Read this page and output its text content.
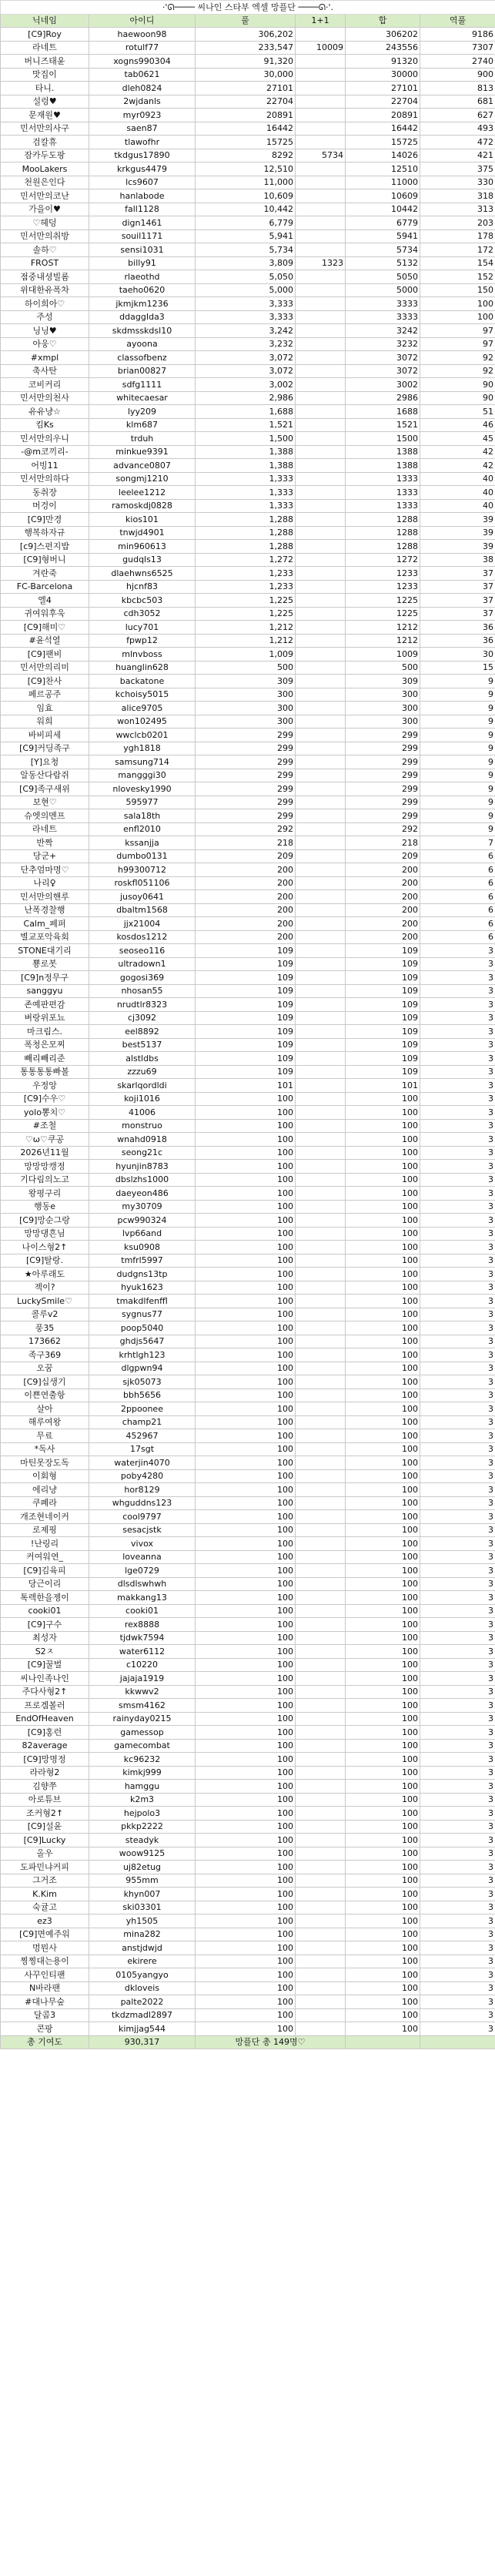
·'ᘏ──── 씨나인 스타부 엑셀 망플단 ────ᘏ·'.					
닉네임	아이디	풀	1+1	합	역풀
[C9]Roy	haewoon98	306,202		306202	9186
라네트	rotulf77	233,547	10009	243556	7307
버니즈태윤	xogns990304	91,320		91320	2740
맛집이	tab0621	30,000		30000	900
타니.	dleh0824	27101		27101	813
설렁♥	2wjdanls	22704		22704	681
문재원♥	myr0923	20891		20891	627
민서만의사구	saen87	16442		16442	493
검칼휴	tlawofhr	15725		15725	472
잠카두도팡	tkdgus17890	8292	5734	14026	421
MooLakers	krkgus4479	12,510		12510	375
천원은인다	lcs9607	11,000		11000	330
민서만의코난	hanlabode	10,609		10609	318
가을이♥	fall1128	10,442		10442	313
♡헤덩	dign1461	6,779		6779	203
민서만의취방	souil1171	5,941		5941	178
솔하♡	sensi1031	5,734		5734	172
FROST	billy91	3,809	1323	5132	154
점중내셩빌롬	rlaeothd	5,050		5050	152
위대한유폭차	taeho0620	5,000		5000	150
하이희아♡	jkmjkm1236	3,333		3333	100
주성	ddaggIda3	3,333		3333	100
닝닝♥	skdmsskdsl10	3,242		3242	97
아웅♡	ayoona	3,232		3232	97
#xmpl	classofbenz	3,072		3072	92
축사탄	brian00827	3,072		3072	92
코비커리	sdfg1111	3,002		3002	90
민서만의천사	whitecaesar	2,986		2986	90
유유냥☆	lyy209	1,688		1688	51
킴Ks	klm687	1,521		1521	46
민서만의우니	trduh	1,500		1500	45
-@m코끼리-	minkue9391	1,388		1388	42
어빙11	advance0807	1,388		1388	42
민서만의하다	songmj1210	1,333		1333	40
동취장	leelee1212	1,333		1333	40
머겅이	ramoskdj0828	1,333		1333	40
[C9]만경	kios101	1,288		1288	39
행복하자규	tnwjd4901	1,288		1288	39
[c9]스펀지밥	min960613	1,288		1288	39
[C9]형버니	gudqls13	1,272		1272	38
겨란죽	dlaehwns6525	1,233		1233	37
FC-Barcelona	hjcnf83	1,233		1233	37
엘4	kbcbc503	1,225		1225	37
귀여워후욱	cdh3052	1,225		1225	37
[C9]해미♡	lucy701	1,212		1212	36
#윤석열	fpwp12	1,212		1212	36
[C9]팬비	mlnvboss	1,009		1009	30
민서만의리미	huanglin628	500		500	15
[C9]찬사	backatone	309		309	9
페르공주	kchoisy5015	300		300	9
임효	alice9705	300		300	9
워희	won102495	300		300	9
바비피세	wwclcb0201	299		299	9
[C9]커딩족구	ygh1818	299		299	9
[Y]요청	samsung714	299		299	9
알동산다람쥐	mangggi30	299		299	9
[C9]족구새위	nlovesky1990	299		299	9
보현♡	595977	299		299	9
슈엣의멘프	sala18th	299		299	9
라네트	enfl2010	292		292	9
반짝	kssanjja	218		218	7
당군+	dumbo0131	209		209	6
단추엄마명♡	h99300712	200		200	6
나리♀	roskfl051106	200		200	6
민서만의핸루	jusoy0641	200		200	6
난폭경찰행	dbaltm1568	200		200	6
Calm_페퍼	jjx21004	200		200	6
별교포악육회	kosdos1212	200		200	6
STONE대기리	seoseo116	109		109	3
뿅로봇	ultradown1	109		109	3
[C9]n정무구	gogosi369	109		109	3
sanggyu	nhosan55	109		109	3
존예판편감	nrudtlr8323	109		109	3
벼랑위포뇨	cj3092	109		109	3
마크림스.	eel8892	109		109	3
폭청은모찌	best5137	109		109	3
빼리빼리준	alstldbs	109		109	3
통통통통빠볼	zzzu69	109		109	3
우정앙	skarlqordldi	101		101	3
[C9]수우♡	koji1016	100		100	3
yolo뽕치♡	41006	100		100	3
#조철	monstruo	100		100	3
♡ω♡쿠공	wnahd0918	100		100	3
2026년11월	seong21c	100		100	3
망망망캥정	hyunjin8783	100		100	3
기다림의노고	dbslzhs1000	100		100	3
왕평구리	daeyeon486	100		100	3
행동e	my30709	100		100	3
[C9]망순그랑	pcw990324	100		100	3
망망댕흔님	lvp66and	100		100	3
나이스형2↑	ksu0908	100		100	3
[C9]탈랑.	tmfrl5997	100		100	3
★아루래도	dudgns13tp	100		100	3
젝이?	hyuk1623	100		100	3
LuckySmile♡	tmakdlfenffl	100		100	3
콜루v2	sygnus77	100		100	3
풍35	poop5040	100		100	3
173662	ghdjs5647	100		100	3
족구369	krhtlgh123	100		100	3
오꿈	dlgpwn94	100		100	3
[C9]십생기	sjk05073	100		100	3
이쁜연출항	bbh5656	100		100	3
살아	2ppoonee	100		100	3
해루여왕	champ21	100		100	3
무료	452967	100		100	3
*독사	17sgt	100		100	3
마틴못장도독	waterjin4070	100		100	3
이회형	poby4280	100		100	3
에리냥	hor8129	100		100	3
쿠폐라	whguddns123	100		100	3
개조현네이커	cool9797	100		100	3
로제핑	sesacjstk	100		100	3
!난링리	vivox	100		100	3
커여워연_	loveanna	100		100	3
[C9]김육피	lge0729	100		100	3
당근이리	dlsdlswhwh	100		100	3
톡렉한을젱이	makkang13	100		100	3
cooki01	cooki01	100		100	3
[C9]구수	rex8888	100		100	3
최성자	tjdwk7594	100		100	3
S2ㅈ	water6112	100		100	3
[C9]꿀벌	c10220	100		100	3
씨나인족나인	jajaja1919	100		100	3
주다사형2↑	kkwwv2	100		100	3
프로겜볼러	smsm4162	100		100	3
EndOfHeaven	rainyday0215	100		100	3
[C9]홍런	gamessop	100		100	3
82average	gamecombat	100		100	3
[C9]망명정	kc96232	100		100	3
라라형2	kimkj999	100		100	3
김향쭈	hamggu	100		100	3
아로튜브	k2m3	100		100	3
조커형2↑	hejpolo3	100		100	3
[C9]설윤	pkkp2222	100		100	3
[C9]Lucky	steadyk	100		100	3
올우	woow9125	100		100	3
도파민냐커피	uj82etug	100		100	3
그거조	955mm	100		100	3
K.Kim	khyn007	100		100	3
숙귤고	ski03301	100		100	3
ez3	yh1505	100		100	3
[C9]면예주워	mina282	100		100	3
멍뭔사	anstjdwjd	100		100	3
찡찡대는용이	ekirere	100		100	3
사꾸인티팬	0105yangyo	100		100	3
N바라팬	dkloveis	100		100	3
#대나무숲	palte2022	100		100	3
달콤3	tkdzmadl2897	100		100	3
콘팡	kimjjag544	100		100	3
총 기여도	930,317	망플단 총 149명♡			
